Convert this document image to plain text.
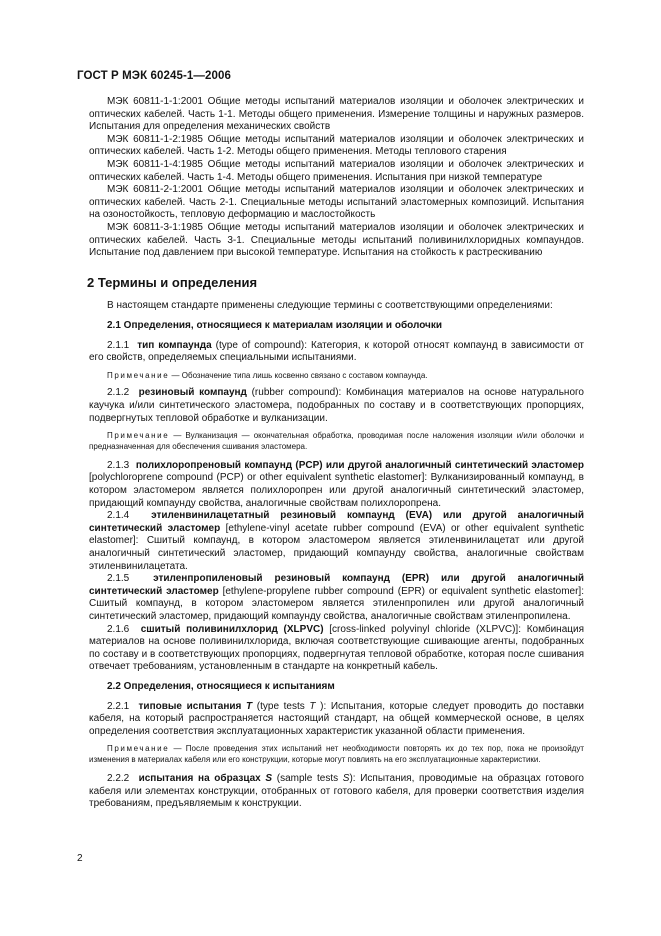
ГОСТ Р МЭК 60245-1—2006

МЭК 60811-1-1:2001 Общие методы испытаний материалов изоляции и оболочек электрических и оптических кабелей. Часть 1-1. Методы общего применения. Измерение толщины и наружных размеров. Испытания для определения механических свойств

МЭК 60811-1-2:1985 Общие методы испытаний материалов изоляции и оболочек электрических и оптических кабелей. Часть 1-2. Методы общего применения. Методы теплового старения

МЭК 60811-1-4:1985 Общие методы испытаний материалов изоляции и оболочек электрических и оптических кабелей. Часть 1-4. Методы общего применения. Испытания при низкой температуре

МЭК 60811-2-1:2001 Общие методы испытаний материалов изоляции и оболочек электрических и оптических кабелей. Часть 2-1. Специальные методы испытаний эластомерных композиций. Испытания на озоностойкость, тепловую деформацию и маслостойкость

МЭК 60811-3-1:1985 Общие методы испытаний материалов изоляции и оболочек электрических и оптических кабелей. Часть 3-1. Специальные методы испытаний поливинилхлоридных компаундов. Испытание под давлением при высокой температуре. Испытания на стойкость к растрескиванию

2 Термины и определения

В настоящем стандарте применены следующие термины с соответствующими определениями:

2.1 Определения, относящиеся к материалам изоляции и оболочки

2.1.1 тип компаунда (type of compound): Категория, к которой относят компаунд в зависимости от его свойств, определяемых специальными испытаниями.

Примечание — Обозначение типа лишь косвенно связано с составом компаунда.

2.1.2 резиновый компаунд (rubber compound): Комбинация материалов на основе натурального каучука и/или синтетического эластомера, подобранных по составу и в соответствующих пропорциях, подвергнутых тепловой обработке и вулканизации.

Примечание — Вулканизация — окончательная обработка, проводимая после наложения изоляции и/или оболочки и предназначенная для обеспечения сшивания эластомера.

2.1.3 полихлоропреновый компаунд (PCP) или другой аналогичный синтетический эластомер [polychloroprene compound (PCP) or other equivalent synthetic elastomer]: Вулканизированный компаунд, в котором эластомером является полихлоропрен или другой аналогичный синтетический эластомер, придающий компаунду свойства, аналогичные свойствам полихлоропрена.

2.1.4 этиленвинилацетатный резиновый компаунд (EVA) или другой аналогичный синтетический эластомер [ethylene-vinyl acetate rubber compound (EVA) or other equivalent synthetic elastomer]: Сшитый компаунд, в котором эластомером является этиленвинилацетат или другой аналогичный синтетический эластомер, придающий компаунду свойства, аналогичные свойствам этиленвинилацетата.

2.1.5 этиленпропиленовый резиновый компаунд (EPR) или другой аналогичный синтетический эластомер [ethylene-propylene rubber compound (EPR) or equivalent synthetic elastomer]: Сшитый компаунд, в котором эластомером является этиленпропилен или другой аналогичный синтетический эластомер, придающий компаунду свойства, аналогичные свойствам этиленпропилена.

2.1.6 сшитый поливинилхлорид (XLPVC) [cross-linked polyvinyl chloride (XLPVC)]: Комбинация материалов на основе поливинилхлорида, включая соответствующие сшивающие агенты, подобранных по составу и в соответствующих пропорциях, подвергнутая тепловой обработке, которая после сшивания отвечает требованиям, установленным в стандарте на конкретный кабель.

2.2 Определения, относящиеся к испытаниям

2.2.1 типовые испытания T (type tests T ): Испытания, которые следует проводить до поставки кабеля, на который распространяется настоящий стандарт, на общей коммерческой основе, в целях определения соответствия эксплуатационных характеристик указанной области применения.

Примечание — После проведения этих испытаний нет необходимости повторять их до тех пор, пока не произойдут изменения в материалах кабеля или его конструкции, которые могут повлиять на его эксплуатационные характеристики.

2.2.2 испытания на образцах S (sample tests S): Испытания, проводимые на образцах готового кабеля или элементах конструкции, отобранных от готового кабеля, для проверки соответствия изделия требованиям, предъявляемым к конструкции.

2
